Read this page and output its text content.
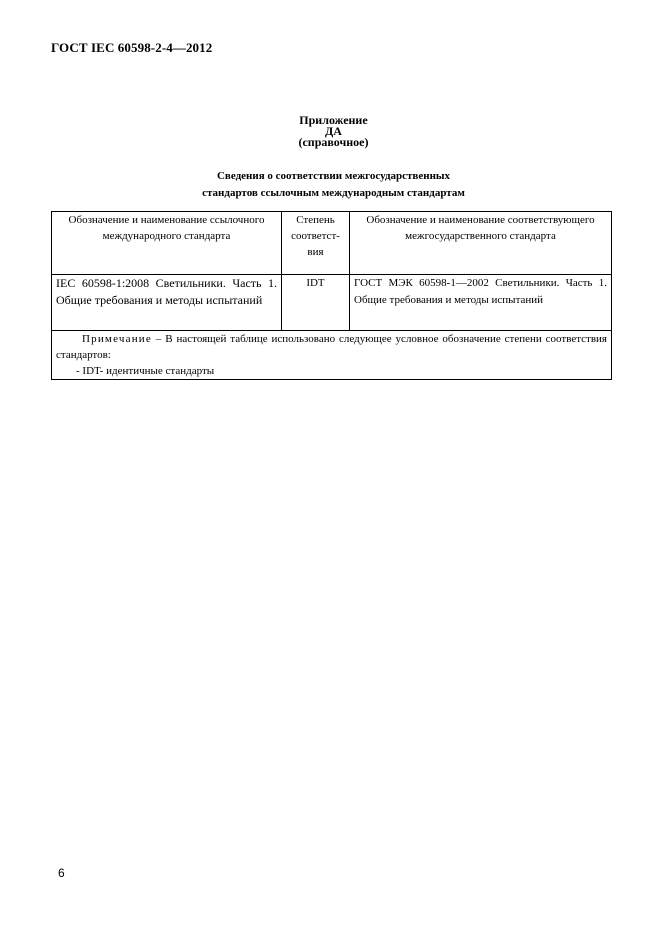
ГОСТ IEC 60598-2-4—2012
Приложение
ДА
(справочное)
Сведения о соответствии межгосударственных
стандартов ссылочным международным стандартам
Обозначение и наименование ссылочного международного стандарта	Степень соответст-вия	Обозначение и наименование соответствующего межгосударственного стандарта
IEC 60598-1:2008 Светильники. Часть 1. Общие требования и методы испытаний	IDT	ГОСТ МЭК 60598-1—2002 Светильники. Часть 1. Общие требования и методы испытаний

Примечание – В настоящей таблице использовано следующее условное обозначение степени соответствия стандартов:
- IDT- идентичные стандарты		
6
